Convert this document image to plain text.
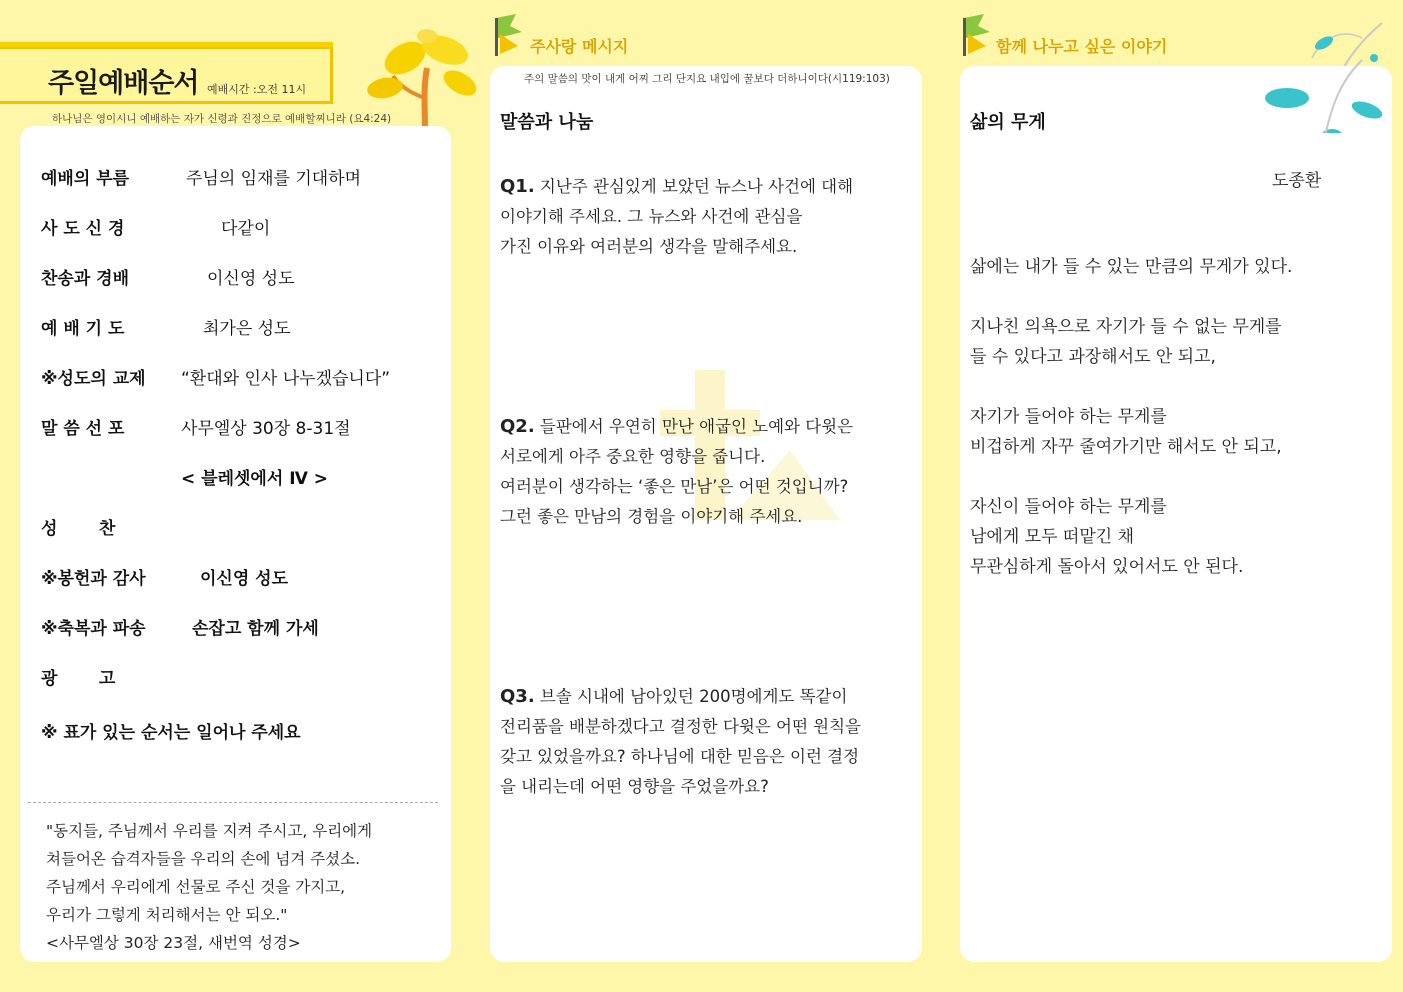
주일예배순서 예배시간 :오전 11시
하나님은 영이시니 예배하는 자가 신령과 진정으로 예배할찌니라 (요4:24)
예배의 부름	주님의 임재를 기대하며
사 도 신 경	다같이
찬송과 경배	이신영 성도
예 배 기 도	최가은 성도
※성도의 교제 “환대와 인사 나누겠습니다”
말 씀 선 포	사무엘상 30장 8-31절
< 블레셋에서 Ⅳ >
성       찬
※봉헌과 감사	이신영 성도
※축복과 파송	손잡고 함께 가세
광       고
※ 표가 있는 순서는 일어나 주세요
"동지들, 주님께서 우리를 지켜 주시고, 우리에게
쳐들어온 습격자들을 우리의 손에 넘겨 주셨소.
주님께서 우리에게 선물로 주신 것을 가지고,
우리가 그렇게 처리해서는 안 되오."
<사무엘상 30장 23절, 새번역 성경>
주사랑 메시지
주의 말씀의 맛이 내게 어찌 그리 단지요 내입에 꿀보다 더하니이다(시119:103)
말씀과 나눔
Q1. 지난주 관심있게 보았던 뉴스나 사건에 대해
이야기해 주세요. 그 뉴스와 사건에 관심을
가진 이유와 여러분의 생각을 말해주세요.
Q2. 들판에서 우연히 만난 애굽인 노예와 다윗은
서로에게 아주 중요한 영향을 줍니다.
여러분이 생각하는 ‘좋은 만남’은 어떤 것입니까?
그런 좋은 만남의 경험을 이야기해 주세요.
Q3. 브솔 시내에 남아있던 200명에게도 똑같이
전리품을 배분하겠다고 결정한 다윗은 어떤 원칙을
갖고 있었을까요? 하나님에 대한 믿음은 이런 결정
을 내리는데 어떤 영향을 주었을까요?
함께 나누고 싶은 이야기
삶의 무게
도종환
삶에는 내가 들 수 있는 만큼의 무게가 있다.

지나친 의욕으로 자기가 들 수 없는 무게를
들 수 있다고 과장해서도 안 되고,

자기가 들어야 하는 무게를
비겁하게 자꾸 줄여가기만 해서도 안 되고,

자신이 들어야 하는 무게를
남에게 모두 떠맡긴 채
무관심하게 돌아서 있어서도 안 된다.
